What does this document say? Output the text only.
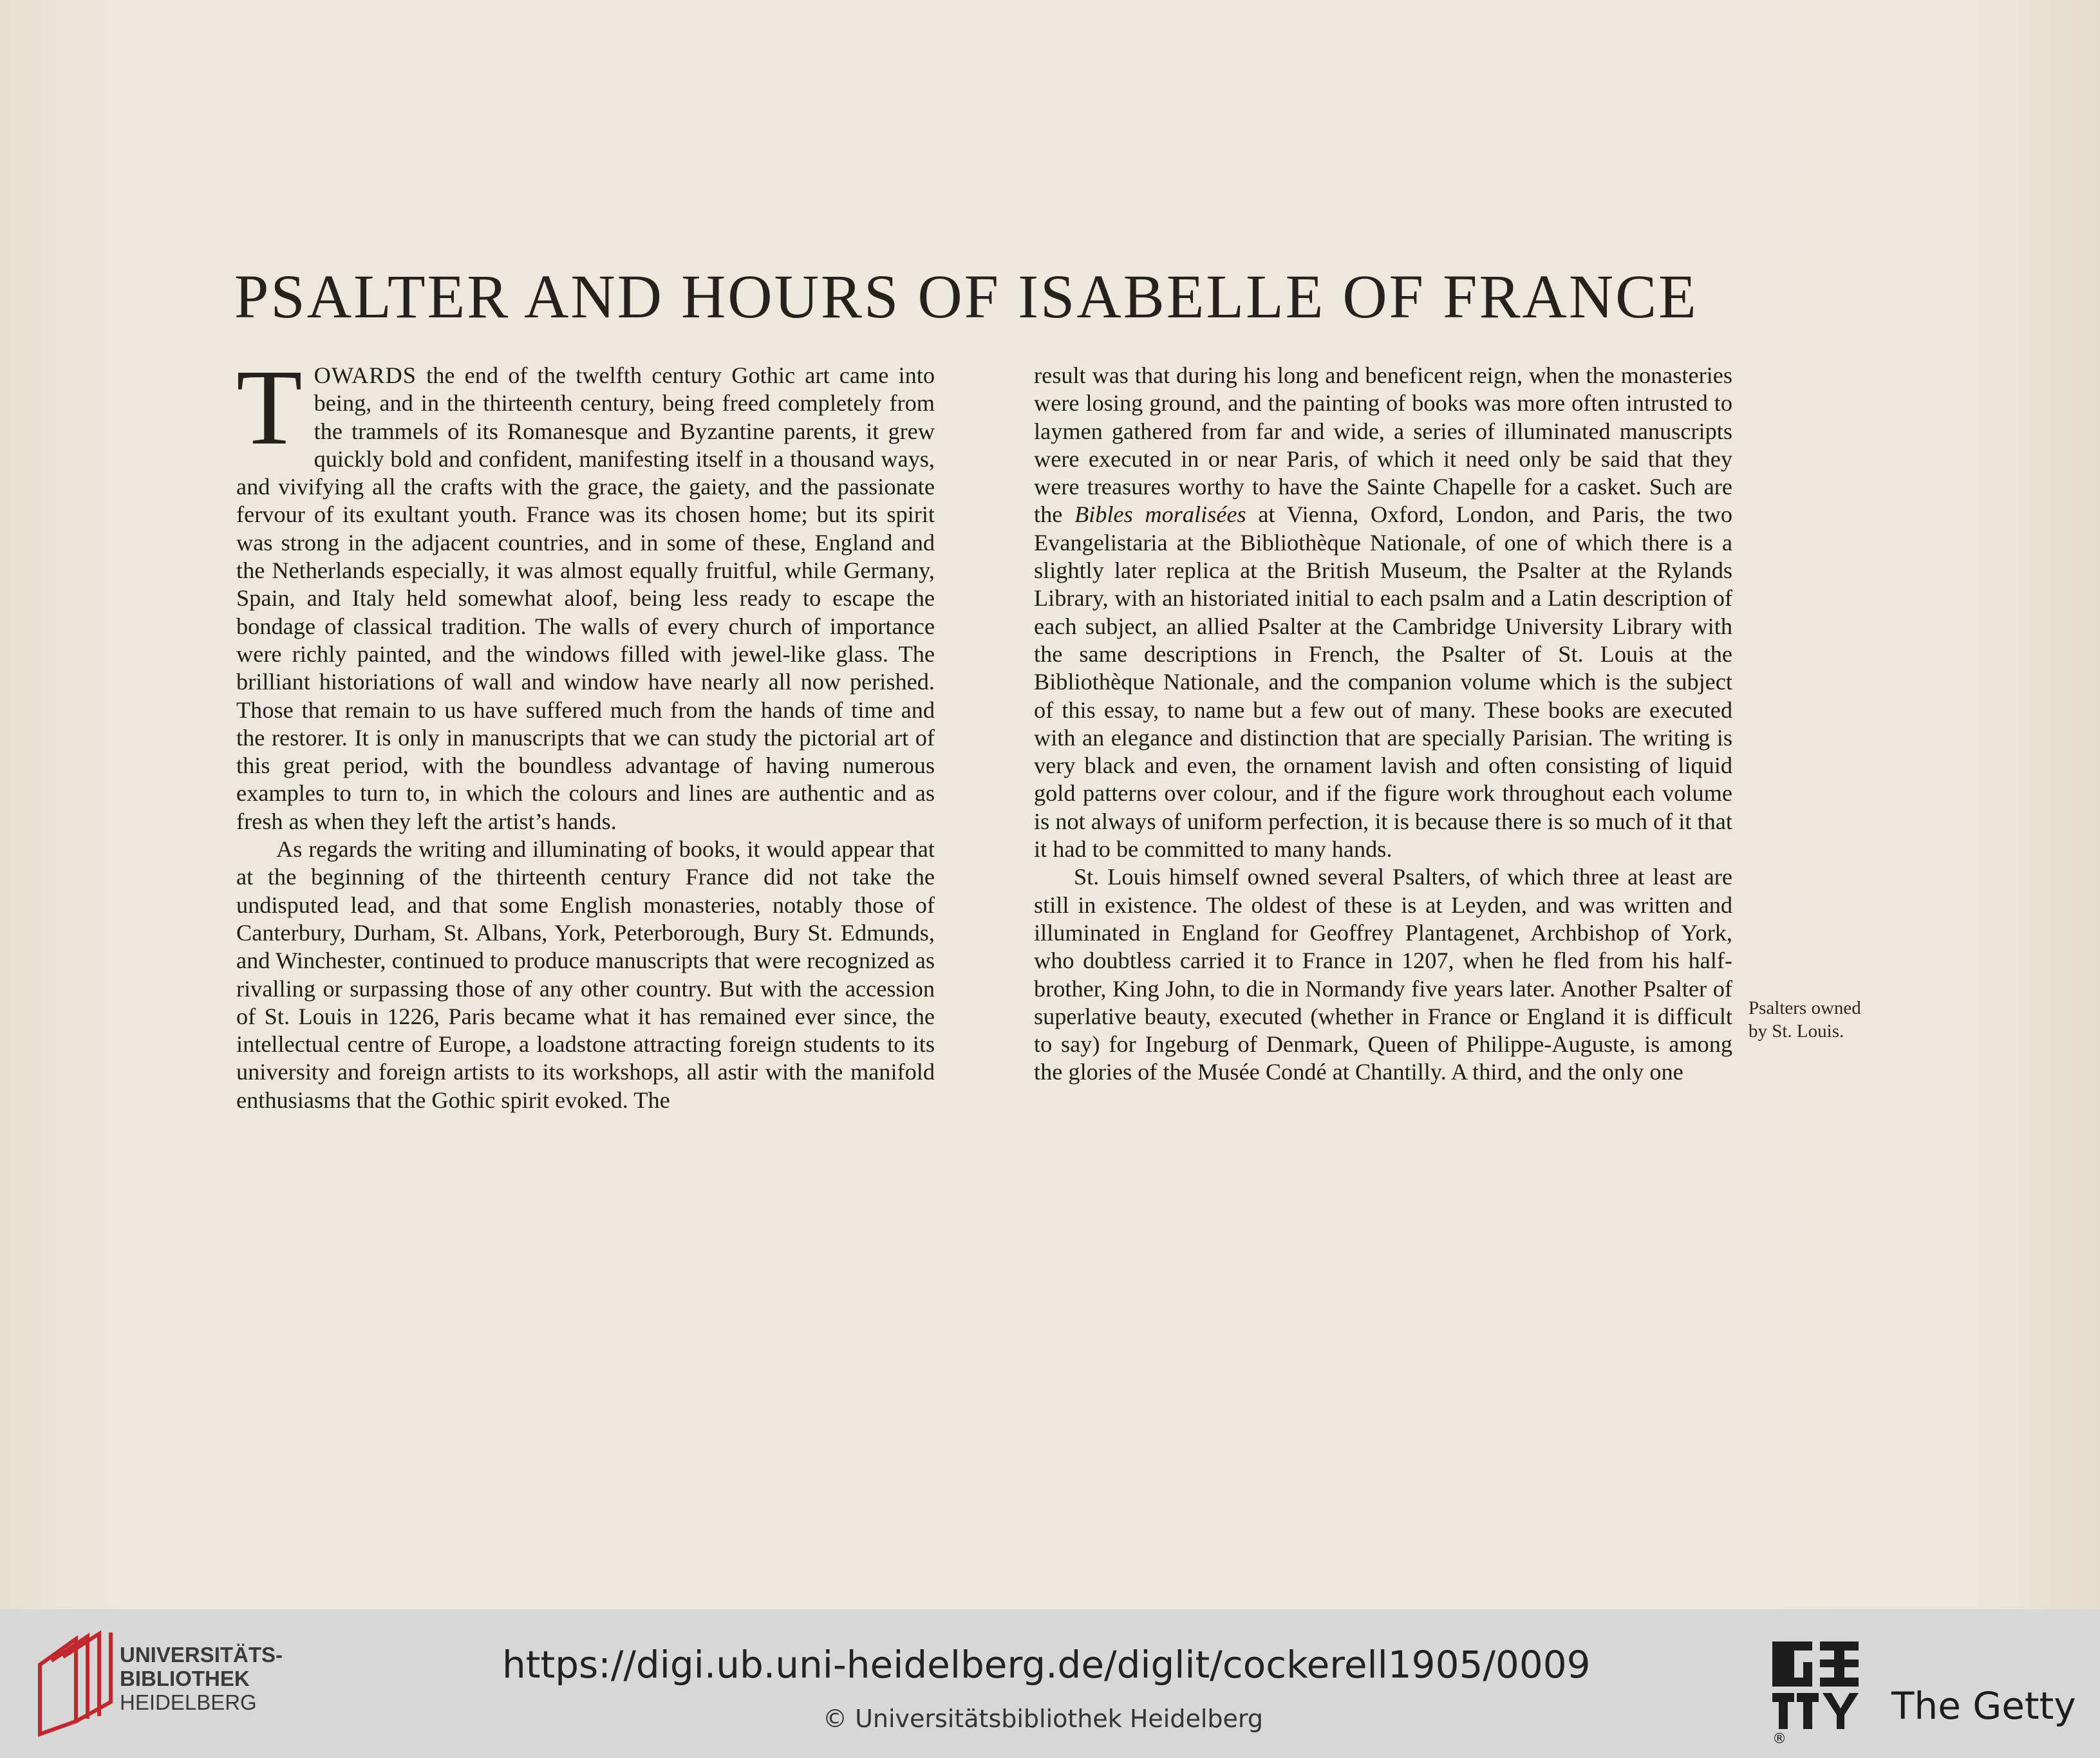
PSALTER AND HOURS OF ISABELLE OF FRANCE

TOWARDS the end of the twelfth century Gothic art came into being, and in the thirteenth century, being freed completely from the trammels of its Romanesque and Byzantine parents, it grew quickly bold and confident, manifesting itself in a thousand ways, and vivifying all the crafts with the grace, the gaiety, and the passionate fervour of its exultant youth. France was its chosen home; but its spirit was strong in the adjacent countries, and in some of these, England and the Netherlands especially, it was almost equally fruitful, while Germany, Spain, and Italy held somewhat aloof, being less ready to escape the bondage of classical tradition. The walls of every church of importance were richly painted, and the windows filled with jewel-like glass. The brilliant historiations of wall and window have nearly all now perished. Those that remain to us have suffered much from the hands of time and the restorer. It is only in manuscripts that we can study the pictorial art of this great period, with the boundless advantage of having numerous examples to turn to, in which the colours and lines are authentic and as fresh as when they left the artist’s hands.

As regards the writing and illuminating of books, it would appear that at the beginning of the thirteenth century France did not take the undisputed lead, and that some English monasteries, notably those of Canterbury, Durham, St. Albans, York, Peterborough, Bury St. Edmunds, and Winchester, continued to produce manuscripts that were recognized as rivalling or surpassing those of any other country. But with the accession of St. Louis in 1226, Paris became what it has remained ever since, the intellectual centre of Europe, a loadstone attracting foreign students to its university and foreign artists to its workshops, all astir with the manifold enthusiasms that the Gothic spirit evoked. The

result was that during his long and beneficent reign, when the monasteries were losing ground, and the painting of books was more often intrusted to laymen gathered from far and wide, a series of illuminated manuscripts were executed in or near Paris, of which it need only be said that they were treasures worthy to have the Sainte Chapelle for a casket. Such are the Bibles moralisées at Vienna, Oxford, London, and Paris, the two Evangelistaria at the Bibliothèque Nationale, of one of which there is a slightly later replica at the British Museum, the Psalter at the Rylands Library, with an historiated initial to each psalm and a Latin description of each subject, an allied Psalter at the Cambridge University Library with the same descriptions in French, the Psalter of St. Louis at the Bibliothèque Nationale, and the companion volume which is the subject of this essay, to name but a few out of many. These books are executed with an elegance and distinction that are specially Parisian. The writing is very black and even, the ornament lavish and often consisting of liquid gold patterns over colour, and if the figure work throughout each volume is not always of uniform perfection, it is because there is so much of it that it had to be committed to many hands.

St. Louis himself owned several Psalters, of which three at least are still in existence. The oldest of these is at Leyden, and was written and illuminated in England for Geoffrey Plantagenet, Archbishop of York, who doubtless carried it to France in 1207, when he fled from his halfbrother, King John, to die in Normandy five years later. Another Psalter of superlative beauty, executed (whether in France or England it is difficult to say) for Ingeburg of Denmark, Queen of Philippe-Auguste, is among the glories of the Musée Condé at Chantilly. A third, and the only one

Psalters owned by St. Louis.
UNIVERSITÄTS-
BIBLIOTHEK
HEIDELBERG
https://digi.ub.uni-heidelberg.de/diglit/cockerell1905/0009
© Universitätsbibliothek Heidelberg
®
The Getty
